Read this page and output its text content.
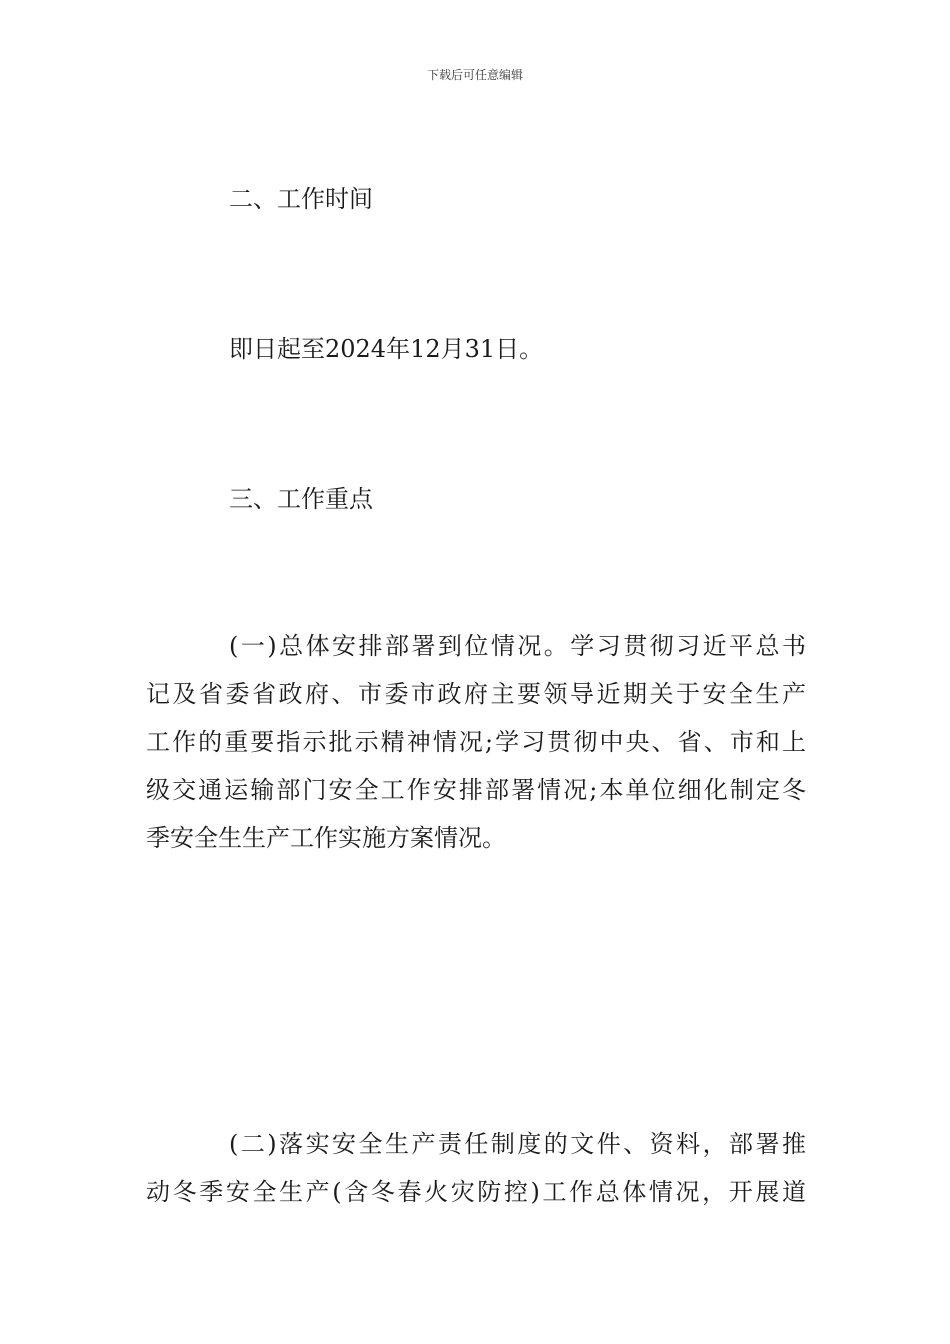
下载后可任意编辑
二、工作时间
即日起至2024年12月31日。
三、工作重点
(一)总体安排部署到位情况。学习贯彻习近平总书
记及省委省政府、市委市政府主要领导近期关于安全生产
工作的重要指示批示精神情况;学习贯彻中央、省、市和上
级交通运输部门安全工作安排部署情况;本单位细化制定冬
季安全生生产工作实施方案情况。
(二)落实安全生产责任制度的文件、资料，部署推
动冬季安全生产(含冬春火灾防控)工作总体情况，开展道
